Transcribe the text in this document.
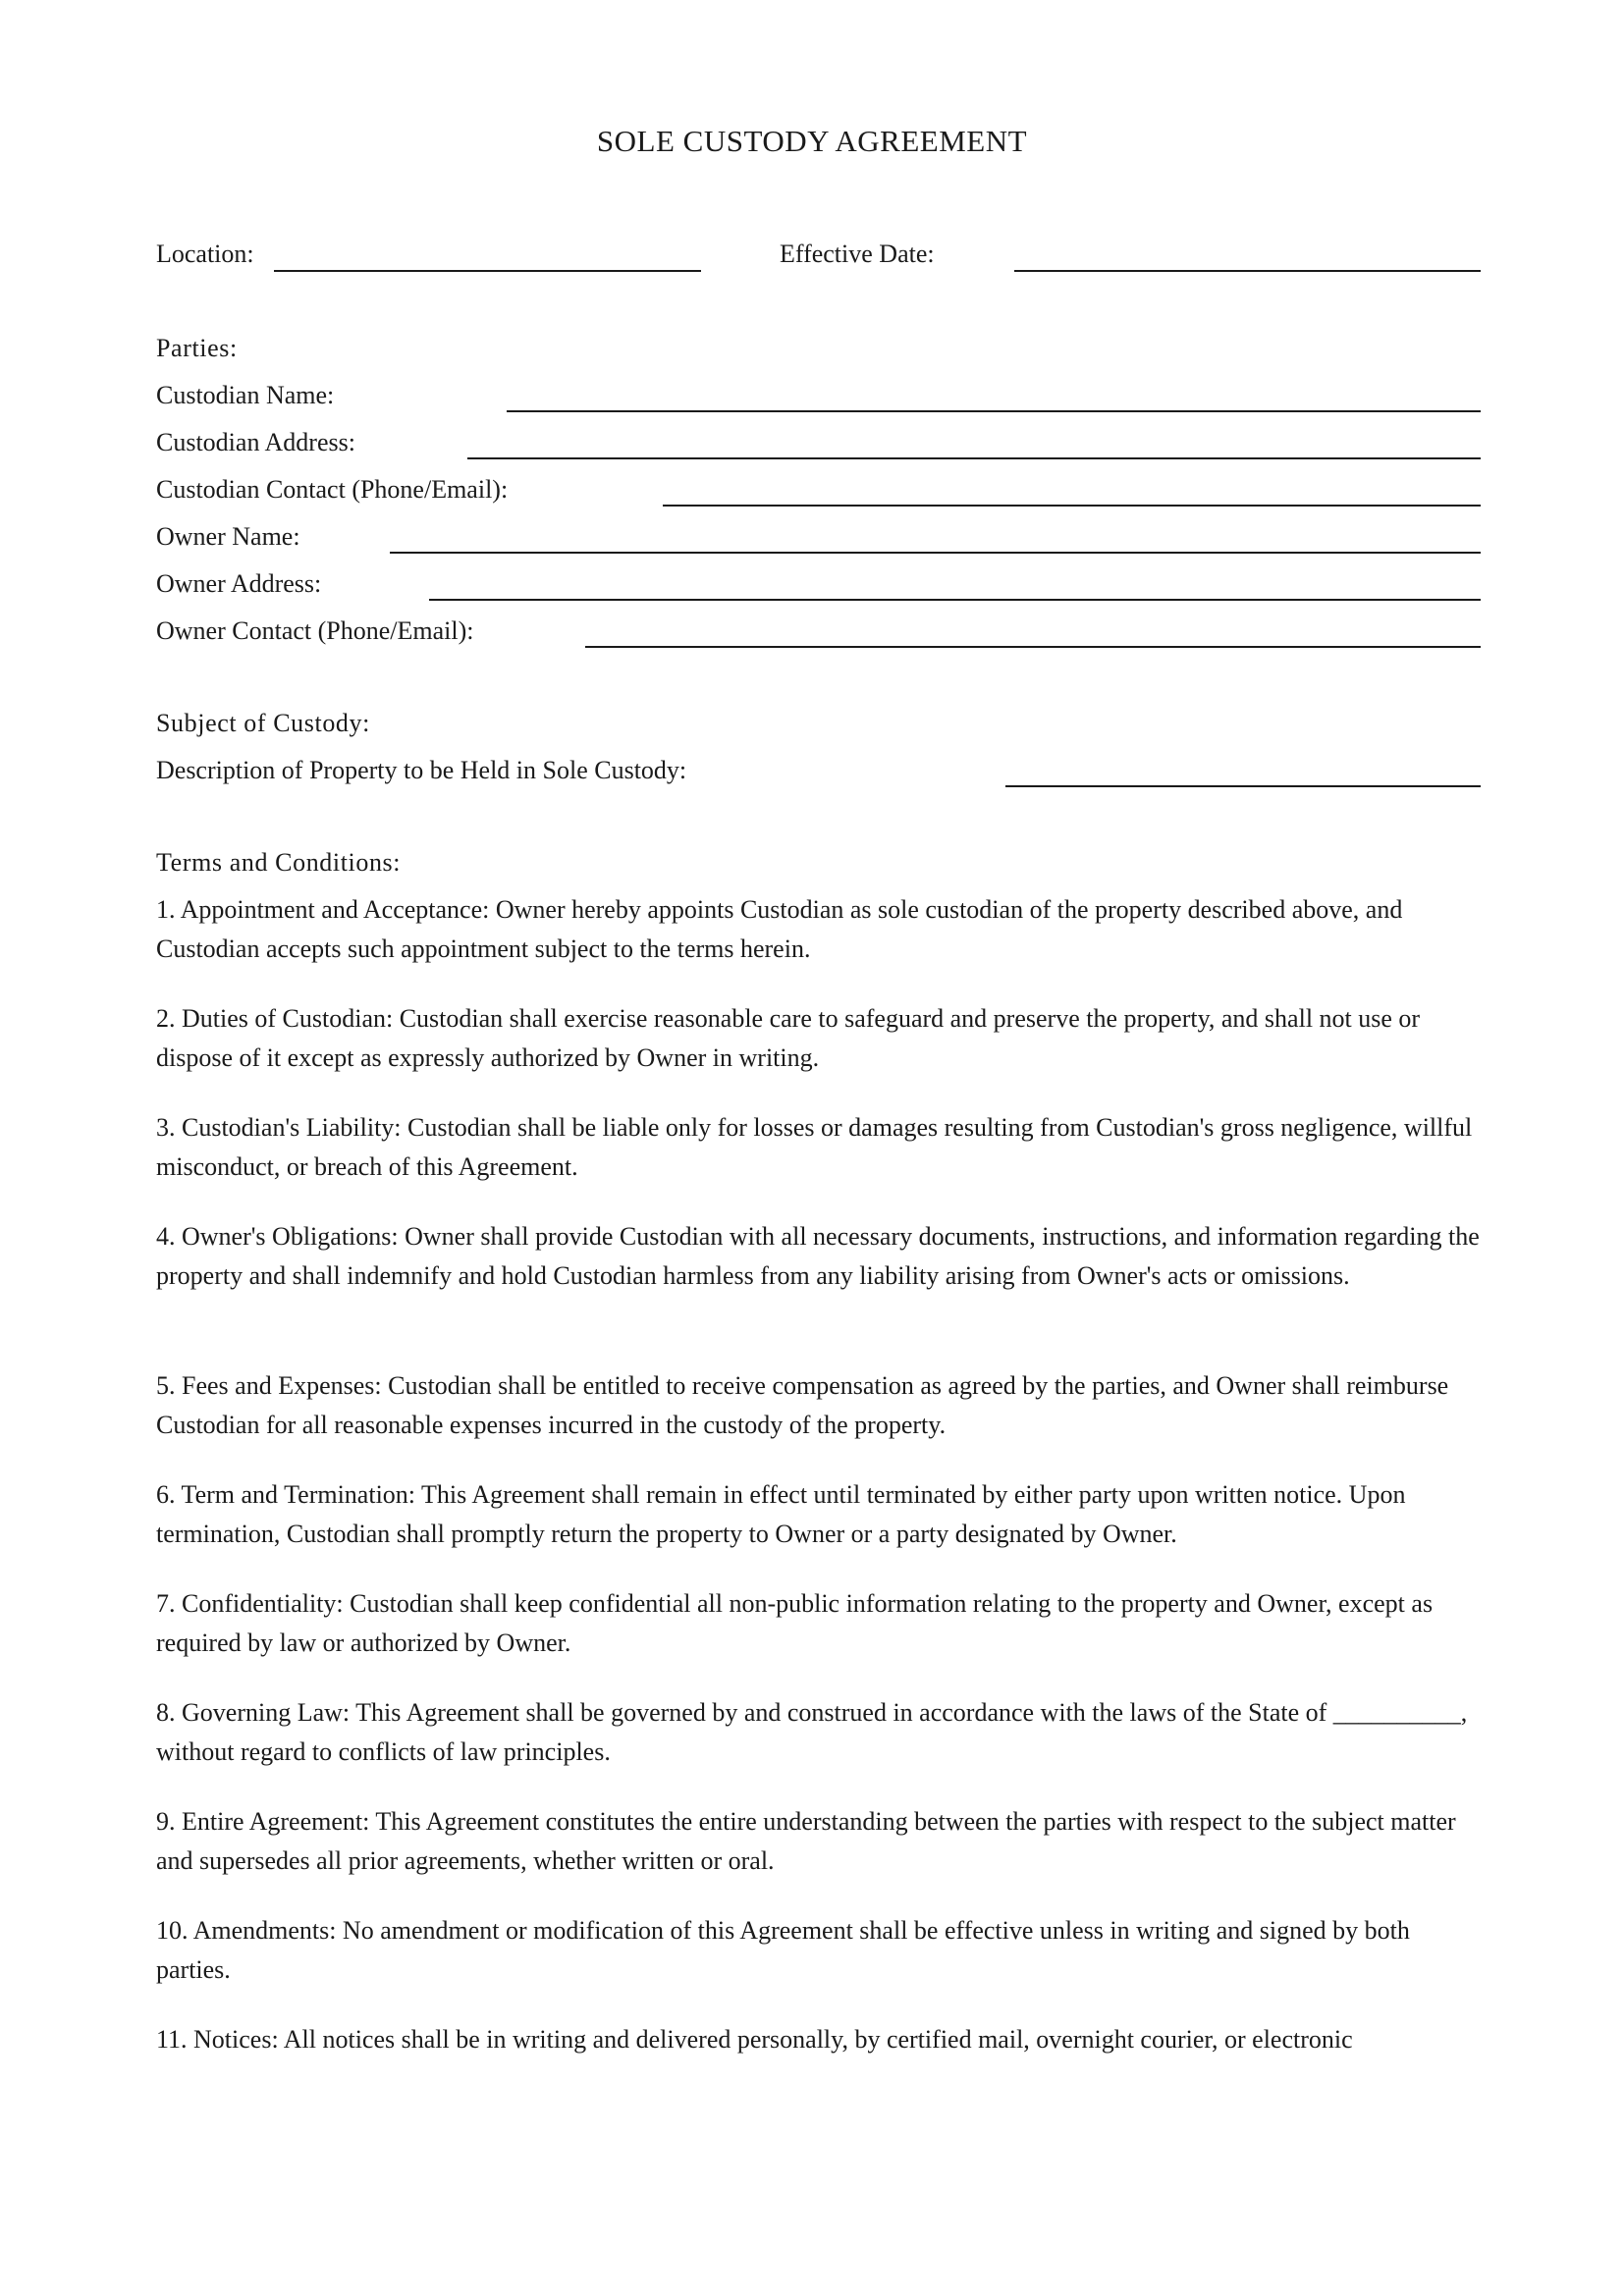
SOLE CUSTODY AGREEMENT
Location:	Effective Date:
Parties:
Custodian Name:
Custodian Address:
Custodian Contact (Phone/Email):
Owner Name:
Owner Address:
Owner Contact (Phone/Email):
Subject of Custody:
Description of Property to be Held in Sole Custody:
Terms and Conditions:
1. Appointment and Acceptance: Owner hereby appoints Custodian as sole custodian of the property described above, and Custodian accepts such appointment subject to the terms herein.
2. Duties of Custodian: Custodian shall exercise reasonable care to safeguard and preserve the property, and shall not use or dispose of it except as expressly authorized by Owner in writing.
3. Custodian's Liability: Custodian shall be liable only for losses or damages resulting from Custodian's gross negligence, willful misconduct, or breach of this Agreement.
4. Owner's Obligations: Owner shall provide Custodian with all necessary documents, instructions, and information regarding the property and shall indemnify and hold Custodian harmless from any liability arising from Owner's acts or omissions.
5. Fees and Expenses: Custodian shall be entitled to receive compensation as agreed by the parties, and Owner shall reimburse Custodian for all reasonable expenses incurred in the custody of the property.
6. Term and Termination: This Agreement shall remain in effect until terminated by either party upon written notice. Upon termination, Custodian shall promptly return the property to Owner or a party designated by Owner.
7. Confidentiality: Custodian shall keep confidential all non-public information relating to the property and Owner, except as required by law or authorized by Owner.
8. Governing Law: This Agreement shall be governed by and construed in accordance with the laws of the State of __________, without regard to conflicts of law principles.
9. Entire Agreement: This Agreement constitutes the entire understanding between the parties with respect to the subject matter and supersedes all prior agreements, whether written or oral.
10. Amendments: No amendment or modification of this Agreement shall be effective unless in writing and signed by both parties.
11. Notices: All notices shall be in writing and delivered personally, by certified mail, overnight courier, or electronic
